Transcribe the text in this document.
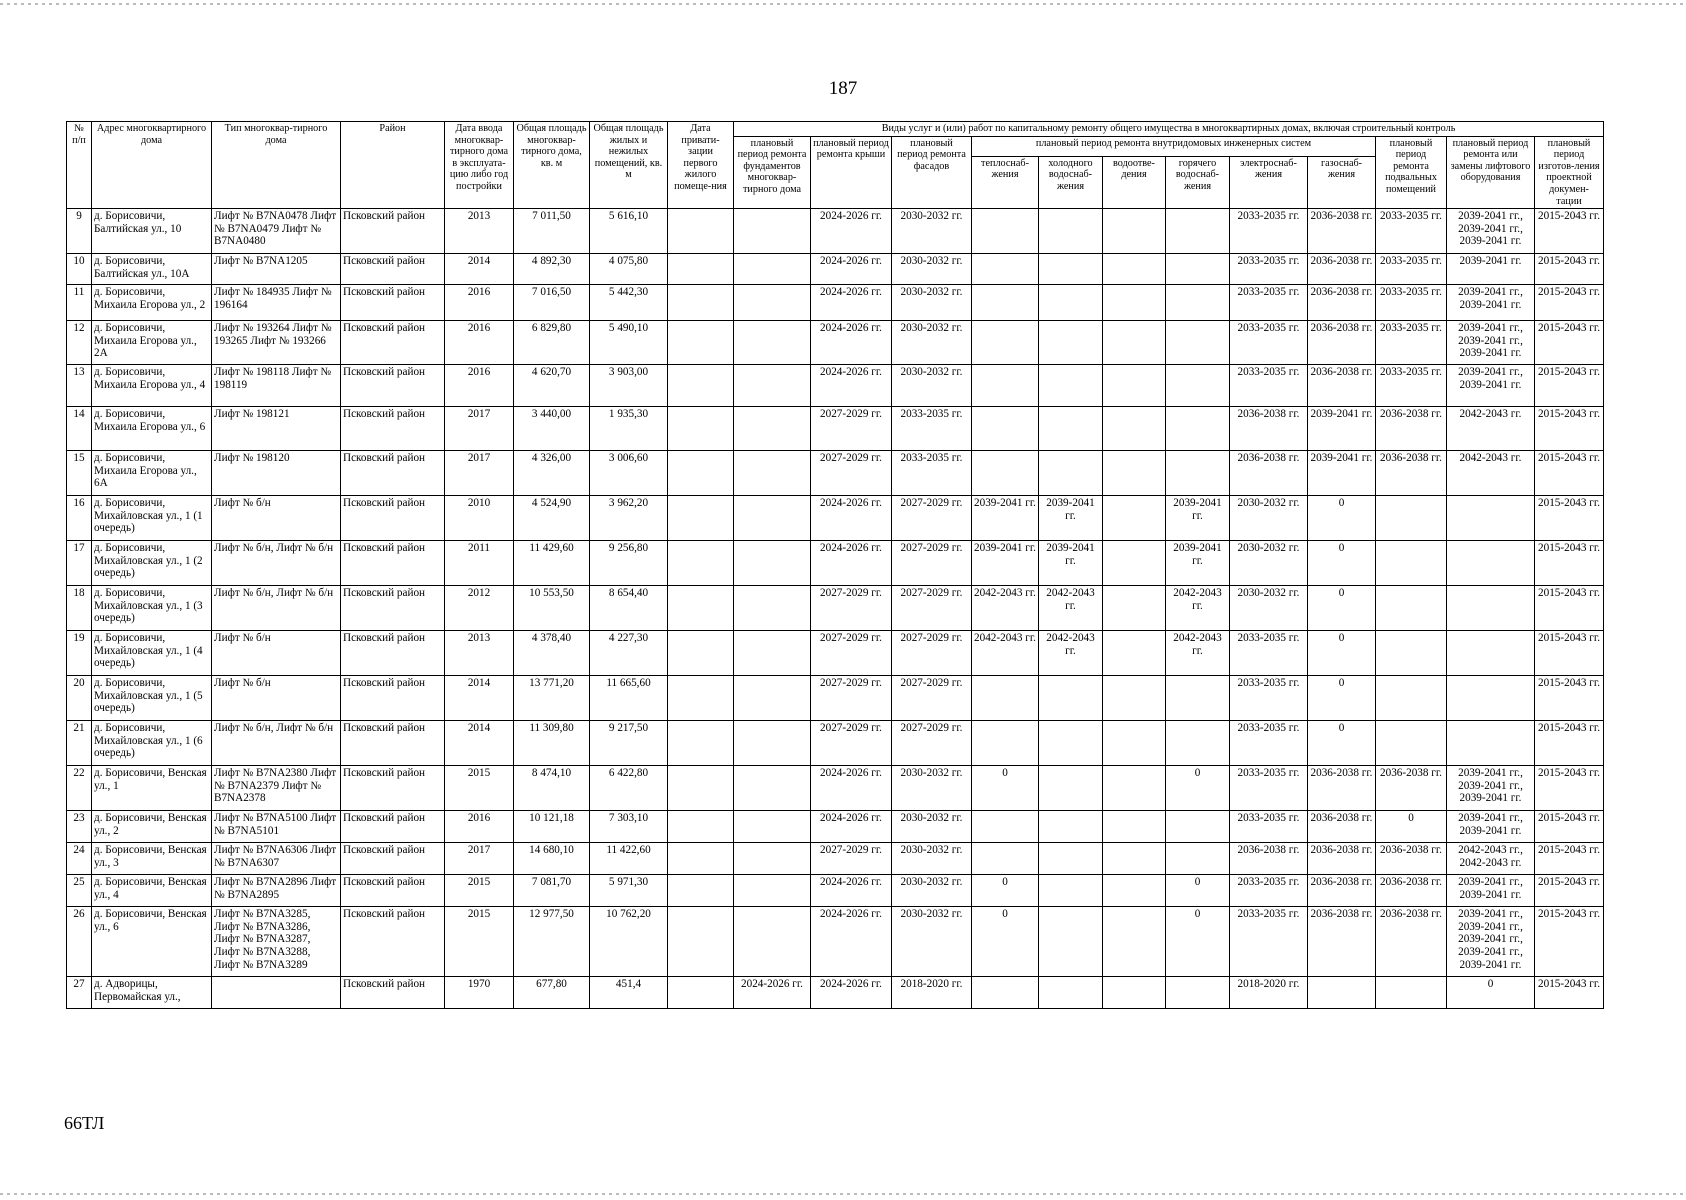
187
№ п/п	Адрес многоквартирного дома	Тип многоквар-тирного дома	Район	Дата ввода многоквар-тирного дома в эксплуата-цию либо год постройки	Общая площадь многоквар-тирного дома, кв. м	Общая площадь жилых и нежилых помещений, кв. м	Дата привати-зации первого жилого помеще-ния	Виды услуг и (или) работ по капитальному ремонту общего имущества в многоквартирных домах, включая строительный контроль											
								плановый период ремонта фундаментов многоквар-тирного дома	плановый период ремонта крыши	плановый период ремонта фасадов	плановый период ремонта внутридомовых инженерных систем						плановый период ремонта подвальных помещений	плановый период ремонта или замены лифтового оборудования	плановый период изготов-ления проектной докумен-тации
											теплоснаб-жения	холодного водоснаб-жения	водоотве-дения	горячего водоснаб-жения	электроснаб-жения	газоснаб-жения			
9	д. Борисовичи, Балтийская ул., 10	Лифт № B7NA0478 Лифт № B7NA0479 Лифт № B7NA0480	Псковский район	2013	7 011,50	5 616,10			2024-2026 гг.	2030-2032 гг.					2033-2035 гг.	2036-2038 гг.	2033-2035 гг.	2039-2041 гг., 2039-2041 гг., 2039-2041 гг.	2015-2043 гг.
10	д. Борисовичи, Балтийская ул., 10А	Лифт № B7NA1205	Псковский район	2014	4 892,30	4 075,80			2024-2026 гг.	2030-2032 гг.					2033-2035 гг.	2036-2038 гг.	2033-2035 гг.	2039-2041 гг.	2015-2043 гг.
11	д. Борисовичи, Михаила Егорова ул., 2	Лифт № 184935 Лифт № 196164	Псковский район	2016	7 016,50	5 442,30			2024-2026 гг.	2030-2032 гг.					2033-2035 гг.	2036-2038 гг.	2033-2035 гг.	2039-2041 гг., 2039-2041 гг.	2015-2043 гг.
12	д. Борисовичи, Михаила Егорова ул., 2А	Лифт № 193264 Лифт № 193265 Лифт № 193266	Псковский район	2016	6 829,80	5 490,10			2024-2026 гг.	2030-2032 гг.					2033-2035 гг.	2036-2038 гг.	2033-2035 гг.	2039-2041 гг., 2039-2041 гг., 2039-2041 гг.	2015-2043 гг.
13	д. Борисовичи, Михаила Егорова ул., 4	Лифт № 198118 Лифт № 198119	Псковский район	2016	4 620,70	3 903,00			2024-2026 гг.	2030-2032 гг.					2033-2035 гг.	2036-2038 гг.	2033-2035 гг.	2039-2041 гг., 2039-2041 гг.	2015-2043 гг.
14	д. Борисовичи, Михаила Егорова ул., 6	Лифт № 198121	Псковский район	2017	3 440,00	1 935,30			2027-2029 гг.	2033-2035 гг.					2036-2038 гг.	2039-2041 гг.	2036-2038 гг.	2042-2043 гг.	2015-2043 гг.
15	д. Борисовичи, Михаила Егорова ул., 6А	Лифт № 198120	Псковский район	2017	4 326,00	3 006,60			2027-2029 гг.	2033-2035 гг.					2036-2038 гг.	2039-2041 гг.	2036-2038 гг.	2042-2043 гг.	2015-2043 гг.
16	д. Борисовичи, Михайловская ул., 1 (1 очередь)	Лифт № б/н	Псковский район	2010	4 524,90	3 962,20			2024-2026 гг.	2027-2029 гг.	2039-2041 гг.	2039-2041 гг.		2039-2041 гг.	2030-2032 гг.	0			2015-2043 гг.
17	д. Борисовичи, Михайловская ул., 1 (2 очередь)	Лифт № б/н, Лифт № б/н	Псковский район	2011	11 429,60	9 256,80			2024-2026 гг.	2027-2029 гг.	2039-2041 гг.	2039-2041 гг.		2039-2041 гг.	2030-2032 гг.	0			2015-2043 гг.
18	д. Борисовичи, Михайловская ул., 1 (3 очередь)	Лифт № б/н, Лифт № б/н	Псковский район	2012	10 553,50	8 654,40			2027-2029 гг.	2027-2029 гг.	2042-2043 гг.	2042-2043 гг.		2042-2043 гг.	2030-2032 гг.	0			2015-2043 гг.
19	д. Борисовичи, Михайловская ул., 1 (4 очередь)	Лифт № б/н	Псковский район	2013	4 378,40	4 227,30			2027-2029 гг.	2027-2029 гг.	2042-2043 гг.	2042-2043 гг.		2042-2043 гг.	2033-2035 гг.	0			2015-2043 гг.
20	д. Борисовичи, Михайловская ул., 1 (5 очередь)	Лифт № б/н	Псковский район	2014	13 771,20	11 665,60			2027-2029 гг.	2027-2029 гг.					2033-2035 гг.	0			2015-2043 гг.
21	д. Борисовичи, Михайловская ул., 1 (6 очередь)	Лифт № б/н, Лифт № б/н	Псковский район	2014	11 309,80	9 217,50			2027-2029 гг.	2027-2029 гг.					2033-2035 гг.	0			2015-2043 гг.
22	д. Борисовичи, Венская ул., 1	Лифт № B7NA2380 Лифт № B7NA2379 Лифт № B7NA2378	Псковский район	2015	8 474,10	6 422,80			2024-2026 гг.	2030-2032 гг.	0			0	2033-2035 гг.	2036-2038 гг.	2036-2038 гг.	2039-2041 гг., 2039-2041 гг., 2039-2041 гг.	2015-2043 гг.
23	д. Борисовичи, Венская ул., 2	Лифт № B7NA5100 Лифт № B7NA5101	Псковский район	2016	10 121,18	7 303,10			2024-2026 гг.	2030-2032 гг.					2033-2035 гг.	2036-2038 гг.	0	2039-2041 гг., 2039-2041 гг.	2015-2043 гг.
24	д. Борисовичи, Венская ул., 3	Лифт № B7NA6306 Лифт № B7NA6307	Псковский район	2017	14 680,10	11 422,60			2027-2029 гг.	2030-2032 гг.					2036-2038 гг.	2036-2038 гг.	2036-2038 гг.	2042-2043 гг., 2042-2043 гг.	2015-2043 гг.
25	д. Борисовичи, Венская ул., 4	Лифт № B7NA2896 Лифт № B7NA2895	Псковский район	2015	7 081,70	5 971,30			2024-2026 гг.	2030-2032 гг.	0			0	2033-2035 гг.	2036-2038 гг.	2036-2038 гг.	2039-2041 гг., 2039-2041 гг.	2015-2043 гг.
26	д. Борисовичи, Венская ул., 6	Лифт № B7NA3285, Лифт № B7NA3286, Лифт № B7NA3287, Лифт № B7NA3288, Лифт № B7NA3289	Псковский район	2015	12 977,50	10 762,20			2024-2026 гг.	2030-2032 гг.	0			0	2033-2035 гг.	2036-2038 гг.	2036-2038 гг.	2039-2041 гг., 2039-2041 гг., 2039-2041 гг., 2039-2041 гг., 2039-2041 гг.	2015-2043 гг.
27	д. Адворицы, Первомайская ул.,		Псковский район	1970	677,80	451,4		2024-2026 гг.	2024-2026 гг.	2018-2020 гг.					2018-2020 гг.			0	2015-2043 гг.
66ТЛ
